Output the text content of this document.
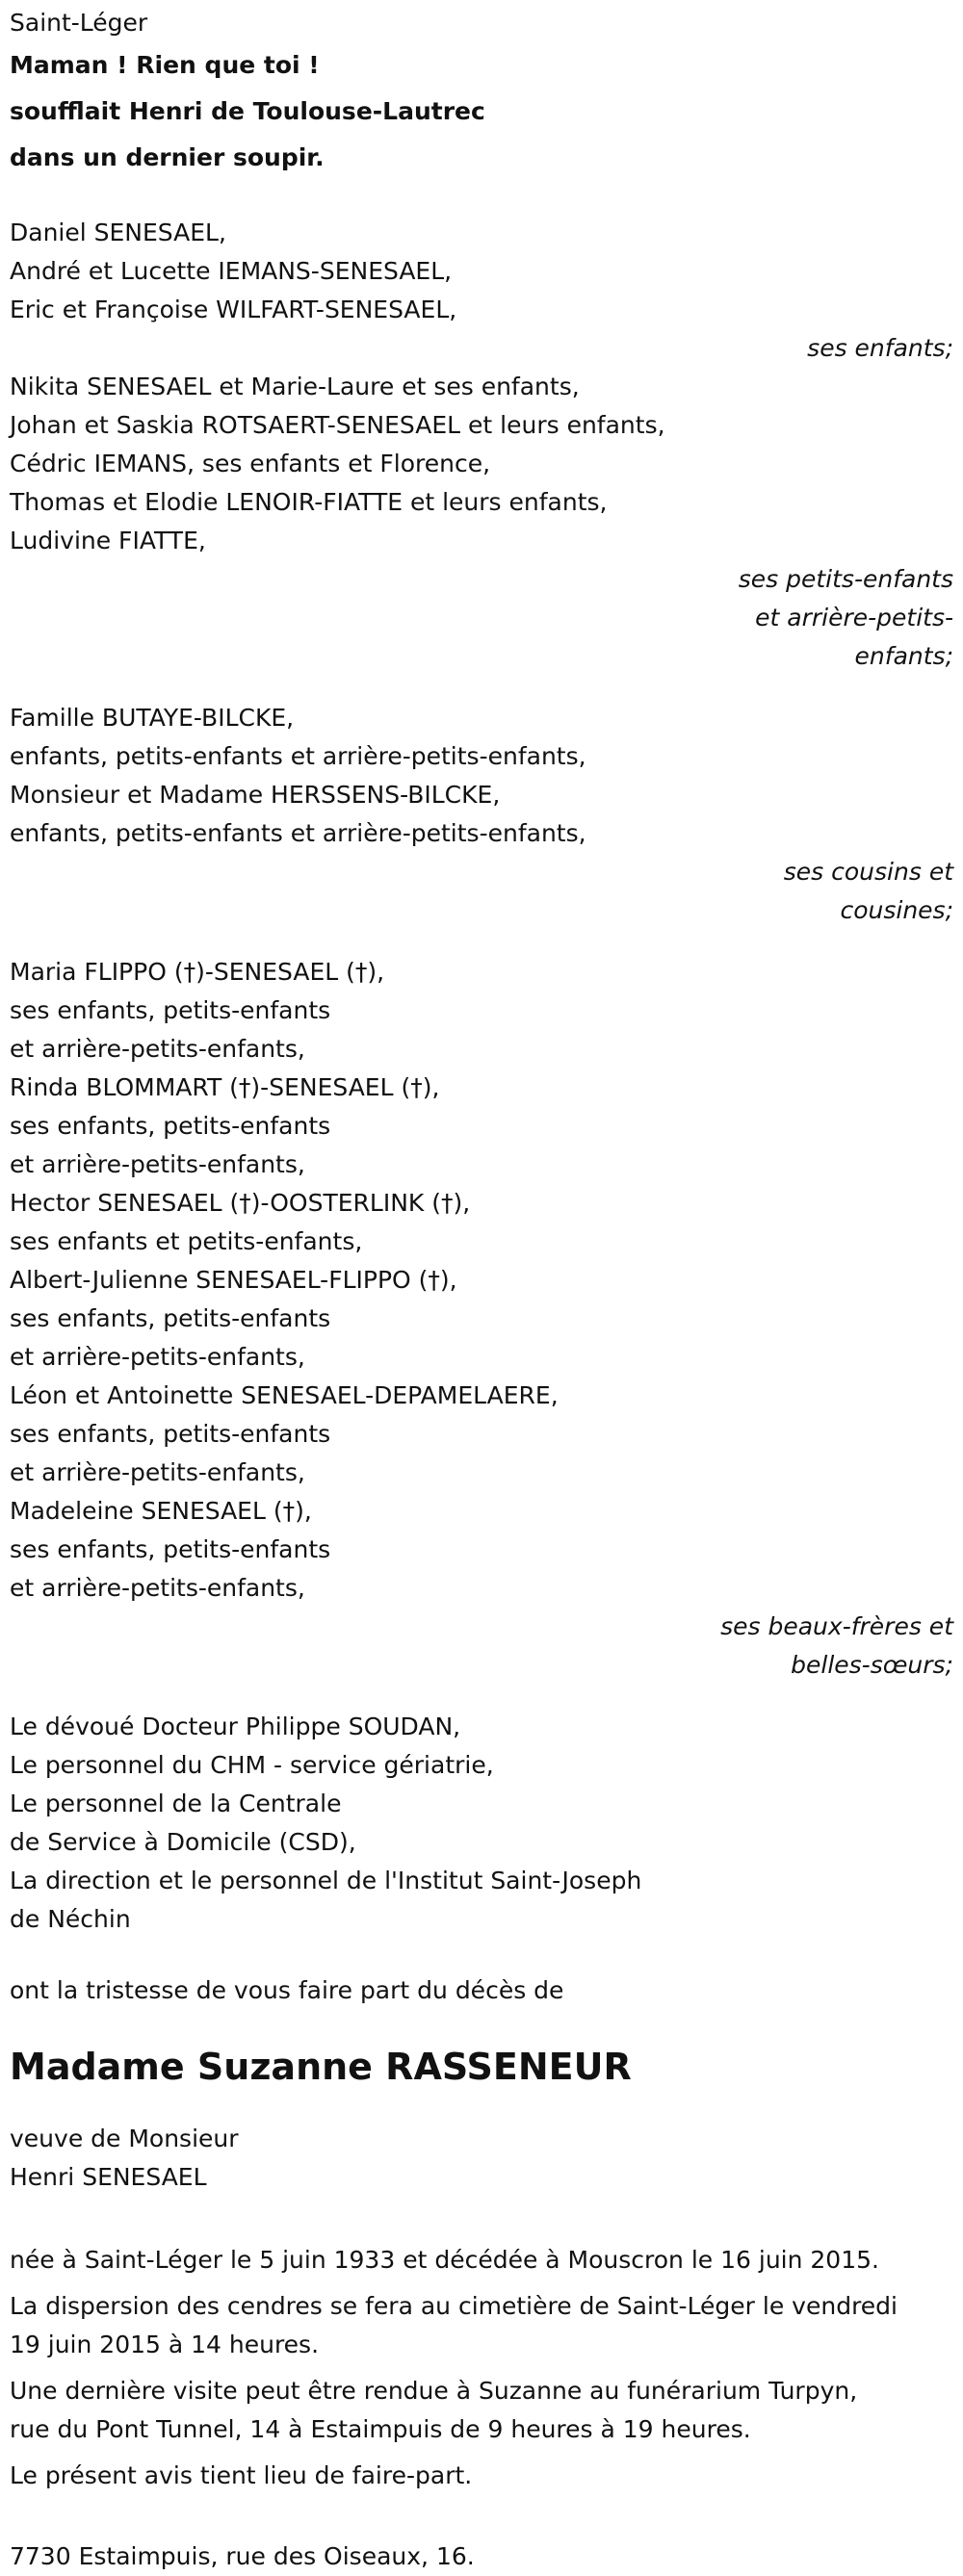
Saint-Léger
Maman ! Rien que toi !
soufflait Henri de Toulouse-Lautrec
dans un dernier soupir.
Daniel SENESAEL,
André et Lucette IEMANS-SENESAEL,
Eric et Françoise WILFART-SENESAEL,
ses enfants;
Nikita SENESAEL et Marie-Laure et ses enfants,
Johan et Saskia ROTSAERT-SENESAEL et leurs enfants,
Cédric IEMANS, ses enfants et Florence,
Thomas et Elodie LENOIR-FIATTE et leurs enfants,
Ludivine FIATTE,
ses petits-enfants
et arrière-petits-
enfants;
Famille BUTAYE-BILCKE,
enfants, petits-enfants et arrière-petits-enfants,
Monsieur et Madame HERSSENS-BILCKE,
enfants, petits-enfants et arrière-petits-enfants,
ses cousins et
cousines;
Maria FLIPPO (†)-SENESAEL (†),
ses enfants, petits-enfants
et arrière-petits-enfants,
Rinda BLOMMART (†)-SENESAEL (†),
ses enfants, petits-enfants
et arrière-petits-enfants,
Hector SENESAEL (†)-OOSTERLINK (†),
ses enfants et petits-enfants,
Albert-Julienne SENESAEL-FLIPPO (†),
ses enfants, petits-enfants
et arrière-petits-enfants,
Léon et Antoinette SENESAEL-DEPAMELAERE,
ses enfants, petits-enfants
et arrière-petits-enfants,
Madeleine SENESAEL (†),
ses enfants, petits-enfants
et arrière-petits-enfants,
ses beaux-frères et
belles-sœurs;
Le dévoué Docteur Philippe SOUDAN,
Le personnel du CHM - service gériatrie,
Le personnel de la Centrale
de Service à Domicile (CSD),
La direction et le personnel de l'Institut Saint-Joseph
de Néchin
ont la tristesse de vous faire part du décès de
Madame Suzanne RASSENEUR
veuve de Monsieur
Henri SENESAEL
née à Saint-Léger le 5 juin 1933 et décédée à Mouscron le 16 juin 2015.
La dispersion des cendres se fera au cimetière de Saint-Léger le vendredi
19 juin 2015 à 14 heures.
Une dernière visite peut être rendue à Suzanne au funérarium Turpyn,
rue du Pont Tunnel, 14 à Estaimpuis de 9 heures à 19 heures.
Le présent avis tient lieu de faire-part.
7730 Estaimpuis, rue des Oiseaux, 16.
